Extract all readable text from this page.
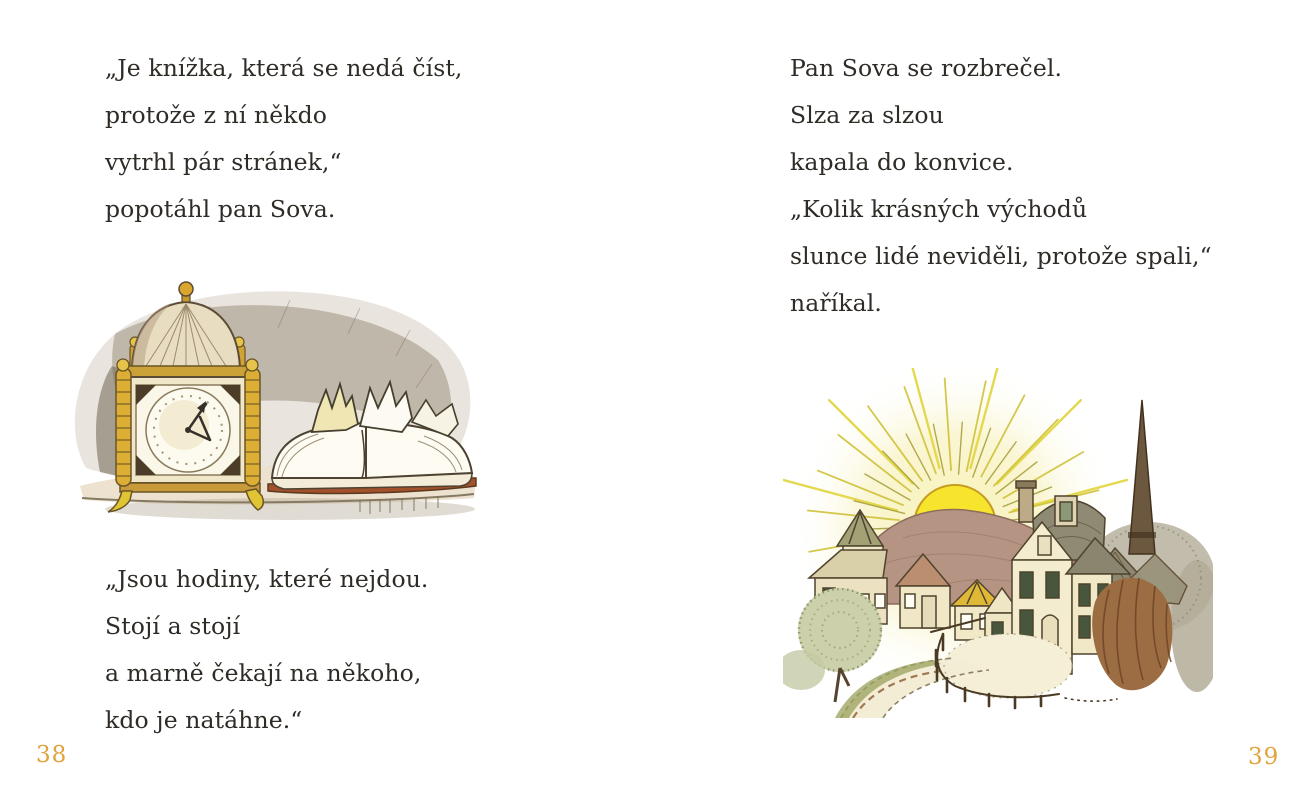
„Je knížka, která se nedá číst,

protože z ní někdo

vytrhl pár stránek,“

popotáhl pan Sova.

„Jsou hodiny, které nejdou.

Stojí a stojí

a marně čekají na někoho,

kdo je natáhne.“

38

Pan Sova se rozbrečel.

Slza za slzou

kapala do konvice.

„Kolik krásných východů

slunce lidé neviděli, protože spali,“

naříkal.

39
